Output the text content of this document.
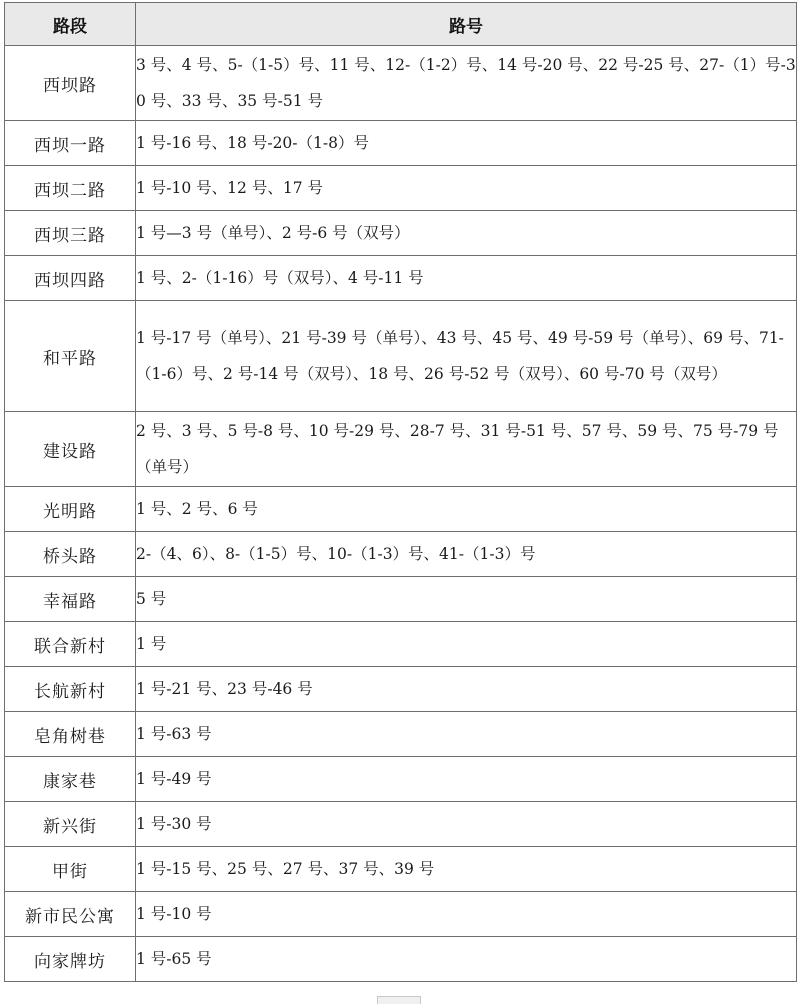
路段	路号
西坝路	3 号、4 号、5-（1-5）号、11 号、12-（1-2）号、14 号-20 号、22 号-25 号、27-（1）号-30 号、33 号、35 号-51 号
西坝一路	1 号-16 号、18 号-20-（1-8）号
西坝二路	1 号-10 号、12 号、17 号
西坝三路	1 号—3 号（单号）、2 号-6 号（双号）
西坝四路	1 号、2-（1-16）号（双号）、4 号-11 号
和平路	1 号-17 号（单号）、21 号-39 号（单号）、43 号、45 号、49 号-59 号（单号）、69 号、71-（1-6）号、2 号-14 号（双号）、18 号、26 号-52 号（双号）、60 号-70 号（双号）
建设路	2 号、3 号、5 号-8 号、10 号-29 号、28-7 号、31 号-51 号、57 号、59 号、75 号-79 号（单号）
光明路	1 号、2 号、6 号
桥头路	2-（4、6）、8-（1-5）号、10-（1-3）号、41-（1-3）号
幸福路	5 号
联合新村	1 号
长航新村	1 号-21 号、23 号-46 号
皂角树巷	1 号-63 号
康家巷	1 号-49 号
新兴街	1 号-30 号
甲街	1 号-15 号、25 号、27 号、37 号、39 号
新市民公寓	1 号-10 号
向家牌坊	1 号-65 号
